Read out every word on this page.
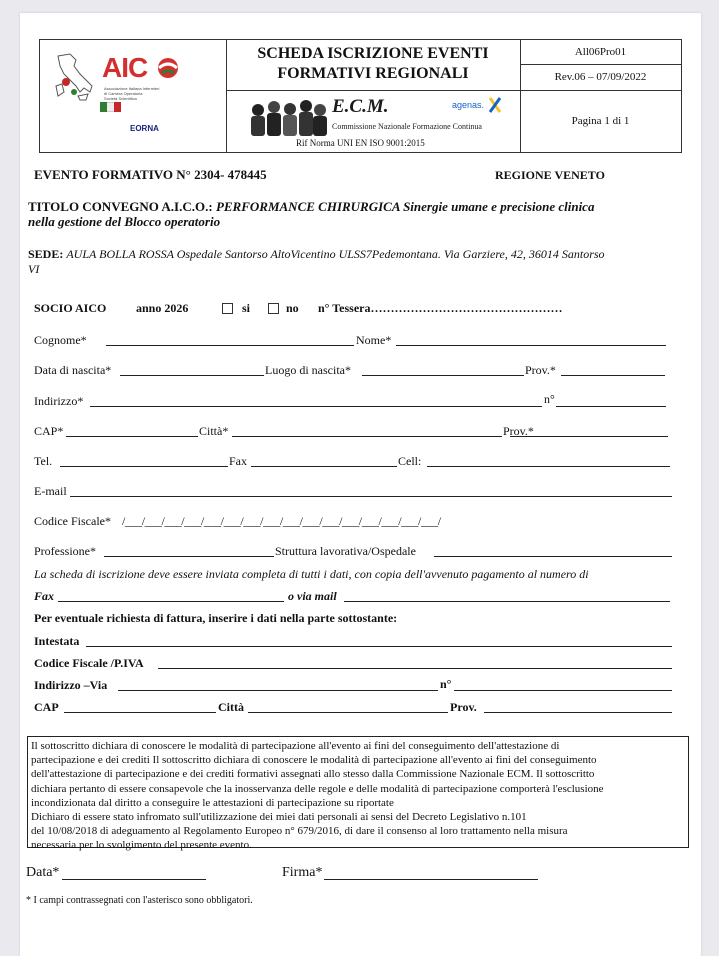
AIC
Associazione Italiana Infermieri
di Camera Operatoria
Società Scientifica
EORNA
SCHEDA ISCRIZIONE EVENTI
FORMATIVI REGIONALI
E.C.M.	agenas.
Commissione Nazionale Formazione Continua
Rif Norma UNI EN ISO 9001:2015
All06Pro01
Rev.06 – 07/09/2022
Pagina 1 di 1
EVENTO FORMATIVO N° 2304- 478445	REGIONE VENETO
TITOLO CONVEGNO A.I.C.O.: PERFORMANCE CHIRURGICA Sinergie umane e precisione clinica
nella gestione del Blocco operatorio
SEDE: AULA BOLLA ROSSA Ospedale Santorso AltoVicentino ULSS7Pedemontana. Via Garziere, 42, 36014 Santorso
VI
SOCIO AICO anno 2026	si	no n° Tessera…………………………………………
Cognome*	Nome*
Data di nascita*	Luogo di nascita*	Prov.*
Indirizzo*	n°
CAP*	Città*	Prov.*
Tel.	Fax	Cell:
E-mail
Codice Fiscale* /___/___/___/___/___/___/___/___/___/___/___/___/___/___/___/___/
Professione*	Struttura lavorativa/Ospedale
La scheda di iscrizione deve essere inviata completa di tutti i dati, con copia dell'avvenuto pagamento al numero di
Fax	o via mail
Per eventuale richiesta di fattura, inserire i dati nella parte sottostante:
Intestata
Codice Fiscale /P.IVA
Indirizzo –Via	n°
CAP	Città	Prov.
Il sottoscritto dichiara di conoscere le modalità di partecipazione all'evento ai fini del conseguimento dell'attestazione di
partecipazione e dei crediti Il sottoscritto dichiara di conoscere le modalità di partecipazione all'evento ai fini del conseguimento
dell'attestazione di partecipazione e dei crediti formativi assegnati allo stesso dalla Commissione Nazionale ECM. Il sottoscritto
dichiara pertanto di essere consapevole che la inosservanza delle regole e delle modalità di partecipazione comporterà l'esclusione
incondizionata dal diritto a conseguire le attestazioni di partecipazione su riportate
Dichiaro di essere stato infromato sull'utilizzazione dei miei dati personali ai sensi del Decreto Legislativo n.101
del 10/08/2018 di adeguamento al Regolamento Europeo n° 679/2016, di dare il consenso al loro trattamento nella misura
necessaria per lo svolgimento del presente evento.
Data*	Firma*
* I campi contrassegnati con l'asterisco sono obbligatori.
